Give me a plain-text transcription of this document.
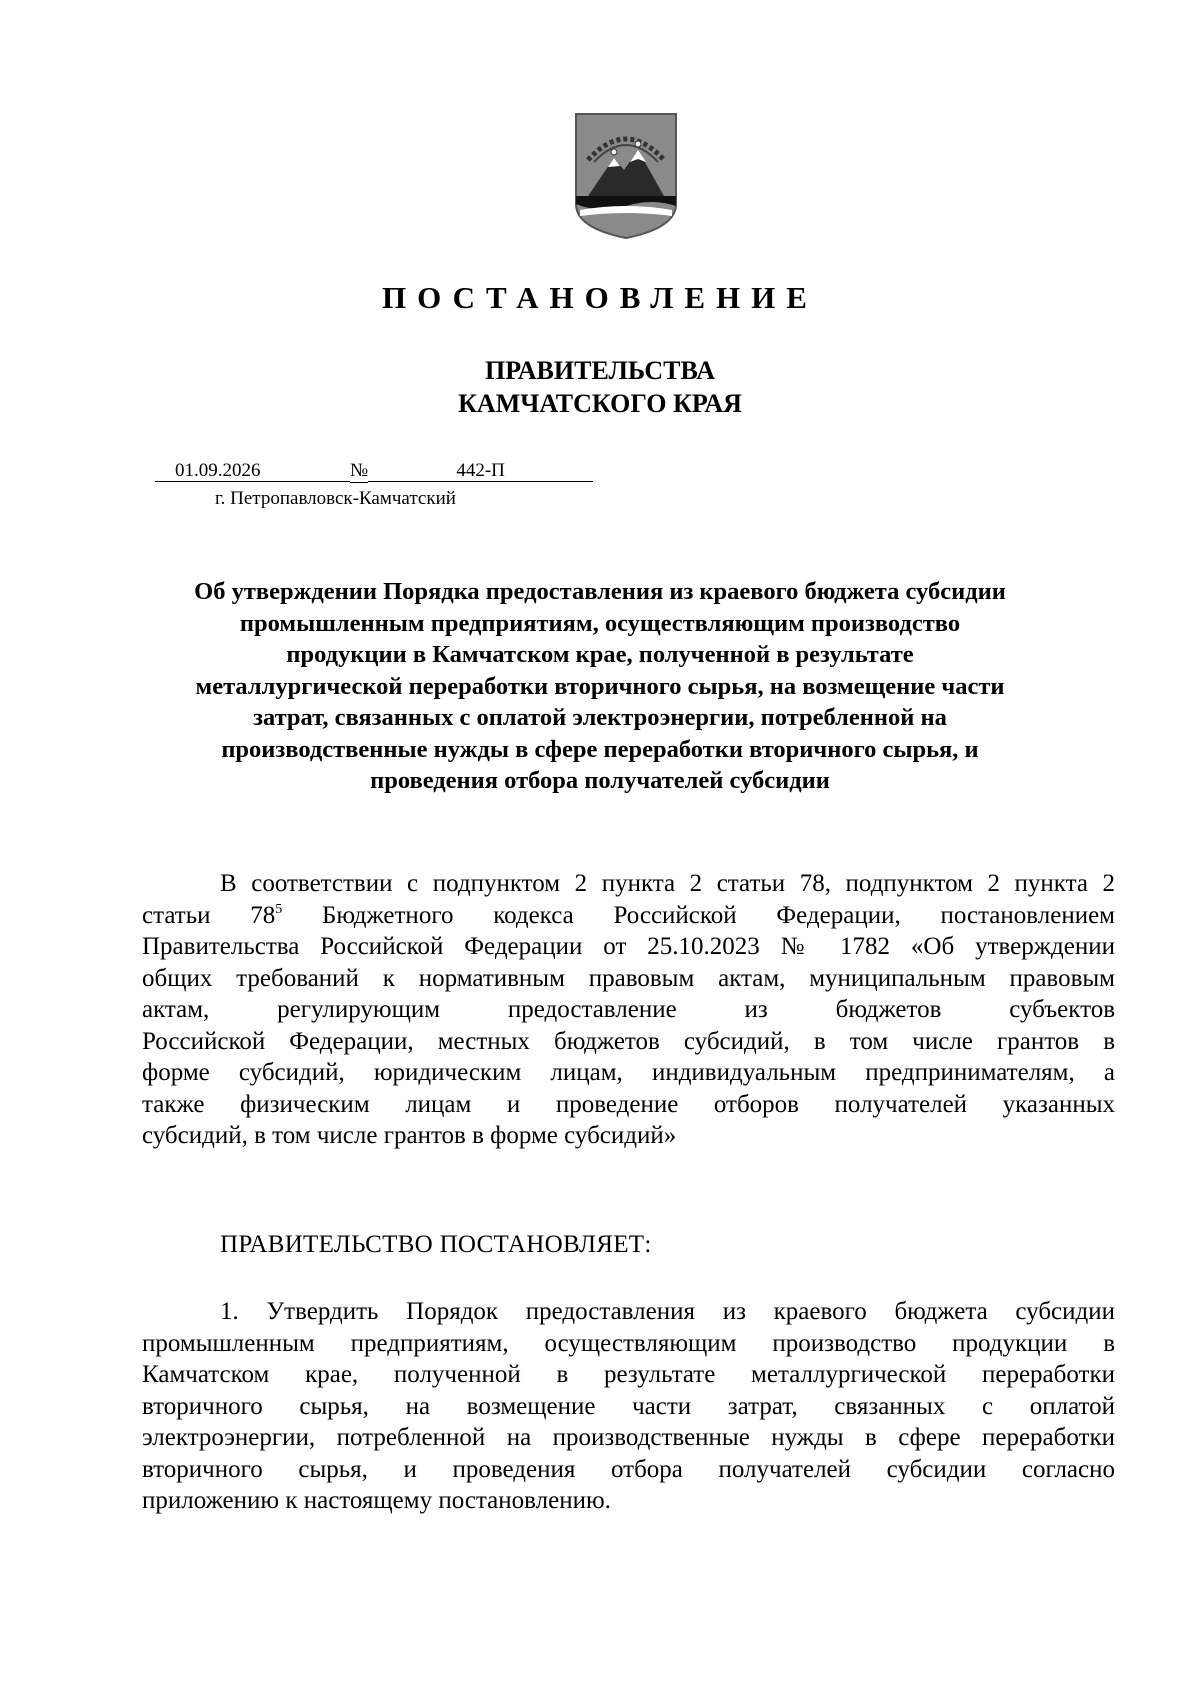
ПОСТАНОВЛЕНИЕ
ПРАВИТЕЛЬСТВА
КАМЧАТСКОГО КРАЯ
01.09.2026	№	442-П
г. Петропавловск-Камчатский
Об утверждении Порядка предоставления из краевого бюджета субсидии
промышленным предприятиям, осуществляющим производство
продукции в Камчатском крае, полученной в результате
металлургической переработки вторичного сырья, на возмещение части
затрат, связанных с оплатой электроэнергии, потребленной на
производственные нужды в сфере переработки вторичного сырья, и
проведения отбора получателей субсидии
В соответствии с подпунктом 2 пункта 2 статьи 78, подпунктом 2 пункта 2
статьи $78^5$ Бюджетного кодекса Российской Федерации, постановлением
Правительства Российской Федерации от 25.10.2023 № 1782 «Об утверждении
общих требований к нормативным правовым актам, муниципальным правовым
актам, регулирующим предоставление из бюджетов субъектов
Российской Федерации, местных бюджетов субсидий, в том числе грантов в
форме субсидий, юридическим лицам, индивидуальным предпринимателям, а
также физическим лицам и проведение отборов получателей указанных
субсидий, в том числе грантов в форме субсидий»
ПРАВИТЕЛЬСТВО ПОСТАНОВЛЯЕТ:
1. Утвердить Порядок предоставления из краевого бюджета субсидии
промышленным предприятиям, осуществляющим производство продукции в
Камчатском крае, полученной в результате металлургической переработки
вторичного сырья, на возмещение части затрат, связанных с оплатой
электроэнергии, потребленной на производственные нужды в сфере переработки
вторичного сырья, и проведения отбора получателей субсидии согласно
приложению к настоящему постановлению.
